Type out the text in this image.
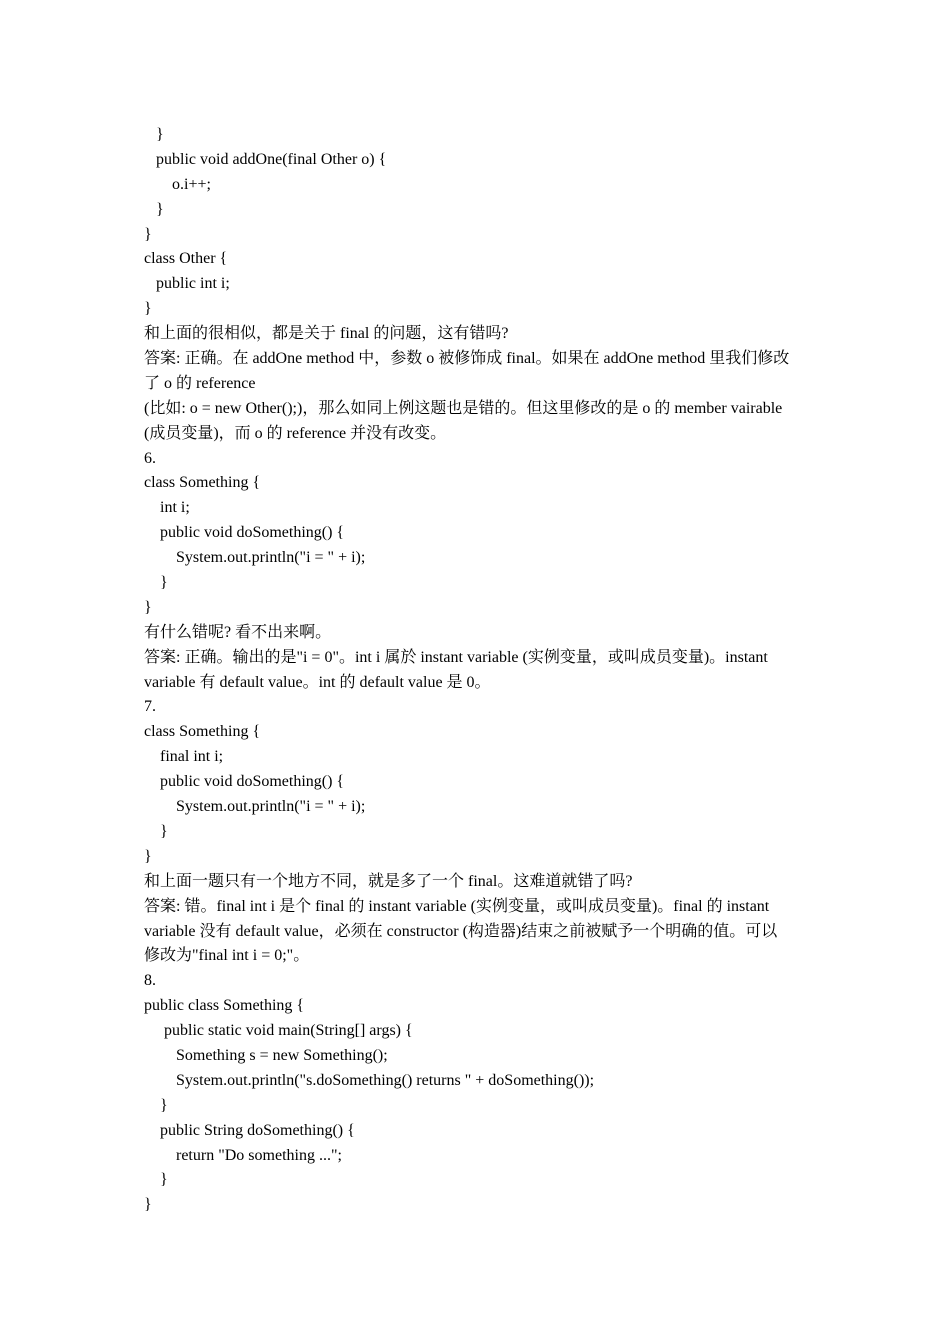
}
public void addOne(final Other o) {
o.i++;
}
}
class Other {
public int i;
}
和上面的很相似，都是关于 final 的问题，这有错吗?
答案: 正确。在 addOne method 中，参数 o 被修饰成 final。如果在 addOne method 里我们修改
了 o 的 reference
(比如: o = new Other();)，那么如同上例这题也是错的。但这里修改的是 o 的 member vairable
(成员变量)，而 o 的 reference 并没有改变。
6.
class Something {
int i;
public void doSomething() {
System.out.println("i = " + i);
}
}
有什么错呢? 看不出来啊。
答案: 正确。输出的是"i = 0"。int i 属於 instant variable (实例变量，或叫成员变量)。instant
variable 有 default value。int 的 default value 是 0。
7.
class Something {
final int i;
public void doSomething() {
System.out.println("i = " + i);
}
}
和上面一题只有一个地方不同，就是多了一个 final。这难道就错了吗?
答案: 错。final int i 是个 final 的 instant variable (实例变量，或叫成员变量)。final 的 instant
variable 没有 default value，必须在 constructor (构造器)结束之前被赋予一个明确的值。可以
修改为"final int i = 0;"。
8.
public class Something {
public static void main(String[] args) {
Something s = new Something();
System.out.println("s.doSomething() returns " + doSomething());
}
public String doSomething() {
return "Do something ...";
}
}
